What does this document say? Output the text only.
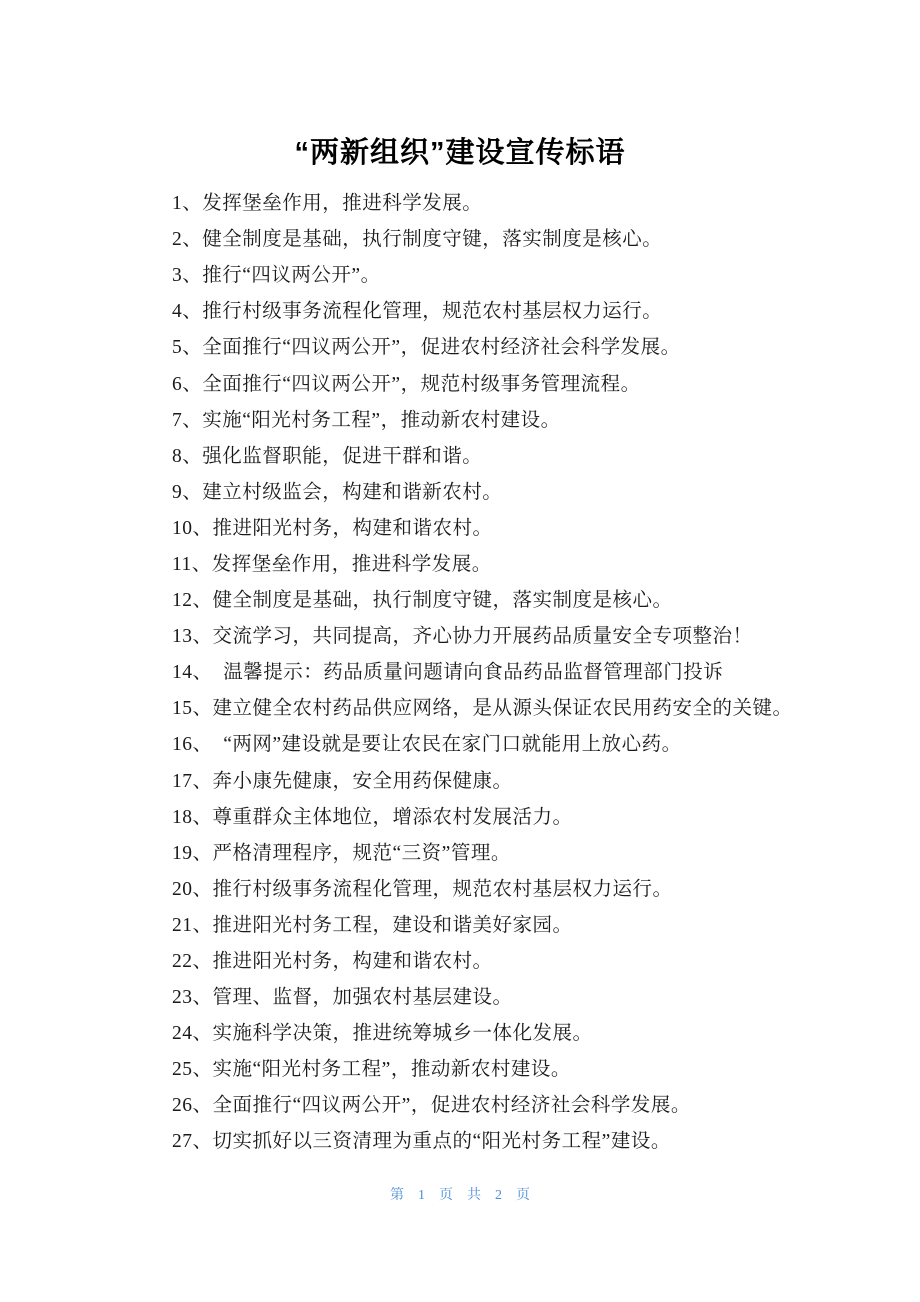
“两新组织”建设宣传标语

1、 发挥堡垒作用，推进科学发展。

2、 健全制度是基础，执行制度守键，落实制度是核心。

3、 推行“四议两公开”。

4、 推行村级事务流程化管理，规范农村基层权力运行。

5、 全面推行“四议两公开”，促进农村经济社会科学发展。

6、 全面推行“四议两公开”，规范村级事务管理流程。

7、 实施“阳光村务工程”，推动新农村建设。

8、 强化监督职能，促进干群和谐。

9、 建立村级监会，构建和谐新农村。

10、 推进阳光村务，构建和谐农村。

11、 发挥堡垒作用，推进科学发展。

12、 健全制度是基础，执行制度守键，落实制度是核心。

13、 交流学习，共同提高，齐心协力开展药品质量安全专项整治！

14、 温馨提示：药品质量问题请向食品药品监督管理部门投诉

15、 建立健全农村药品供应网络，是从源头保证农民用药安全的关键。

16、 “两网”建设就是要让农民在家门口就能用上放心药。

17、 奔小康先健康，安全用药保健康。

18、 尊重群众主体地位，增添农村发展活力。

19、 严格清理程序，规范“三资”管理。

20、 推行村级事务流程化管理，规范农村基层权力运行。

21、 推进阳光村务工程，建设和谐美好家园。

22、 推进阳光村务，构建和谐农村。

23、 管理、监督，加强农村基层建设。

24、 实施科学决策，推进统筹城乡一体化发展。

25、 实施“阳光村务工程”，推动新农村建设。

26、 全面推行“四议两公开”，促进农村经济社会科学发展。

27、 切实抓好以三资清理为重点的“阳光村务工程”建设。

第 1 页 共 2 页
